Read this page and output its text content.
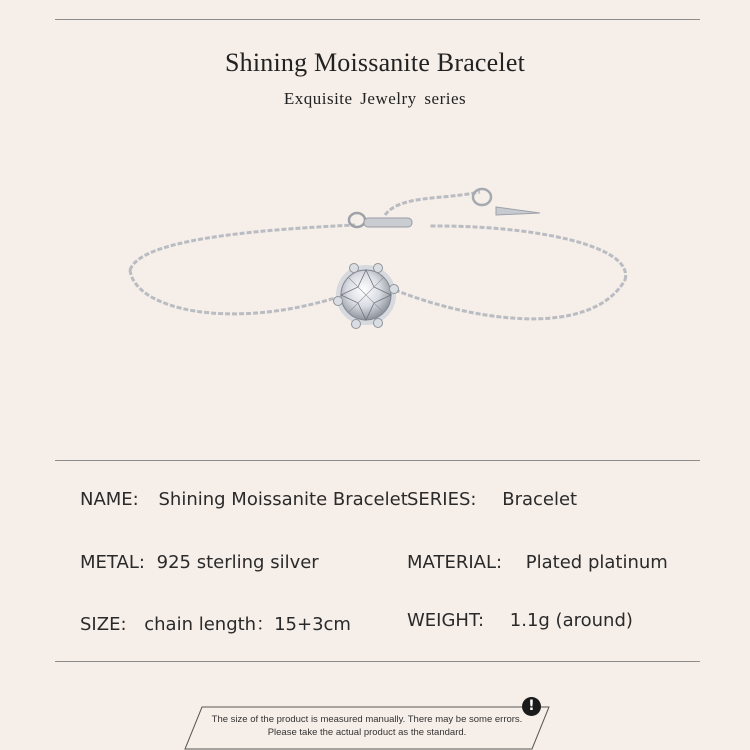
Shining Moissanite Bracelet
Exquisite Jewelry series
NAME: Shining Moissanite Bracelet SERIES: Bracelet
METAL: 925 sterling silver	MATERIAL: Plated platinum
SIZE: chain length：15+3cm	WEIGHT: 1.1g (around)
The size of the product is measured manually. There may be some errors.
Please take the actual product as the standard.
!
